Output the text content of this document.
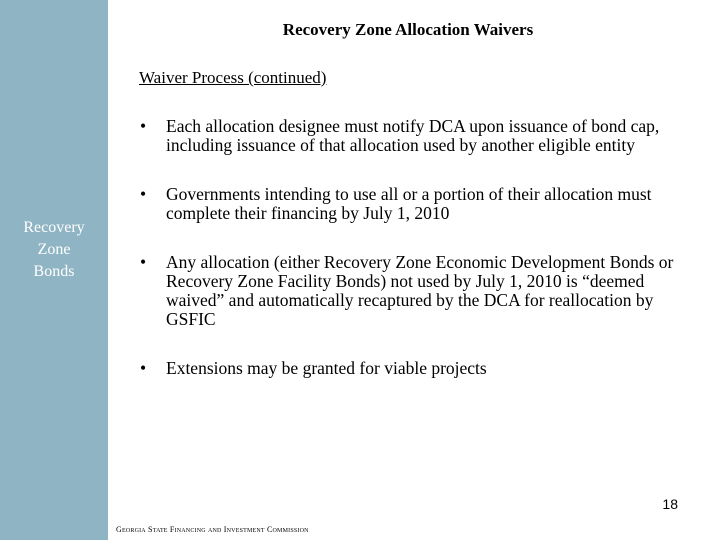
Recovery
Zone
Bonds
Recovery Zone Allocation Waivers
Waiver Process (continued)
• Each allocation designee must notify DCA upon issuance of bond cap, including issuance of that allocation used by another eligible entity
• Governments intending to use all or a portion of their allocation must complete their financing by July 1, 2010
• Any allocation (either Recovery Zone Economic Development Bonds or Recovery Zone Facility Bonds) not used by July 1, 2010 is “deemed waived” and automatically recaptured by the DCA for reallocation by GSFIC
• Extensions may be granted for viable projects
18
Georgia State Financing and Investment Commission
